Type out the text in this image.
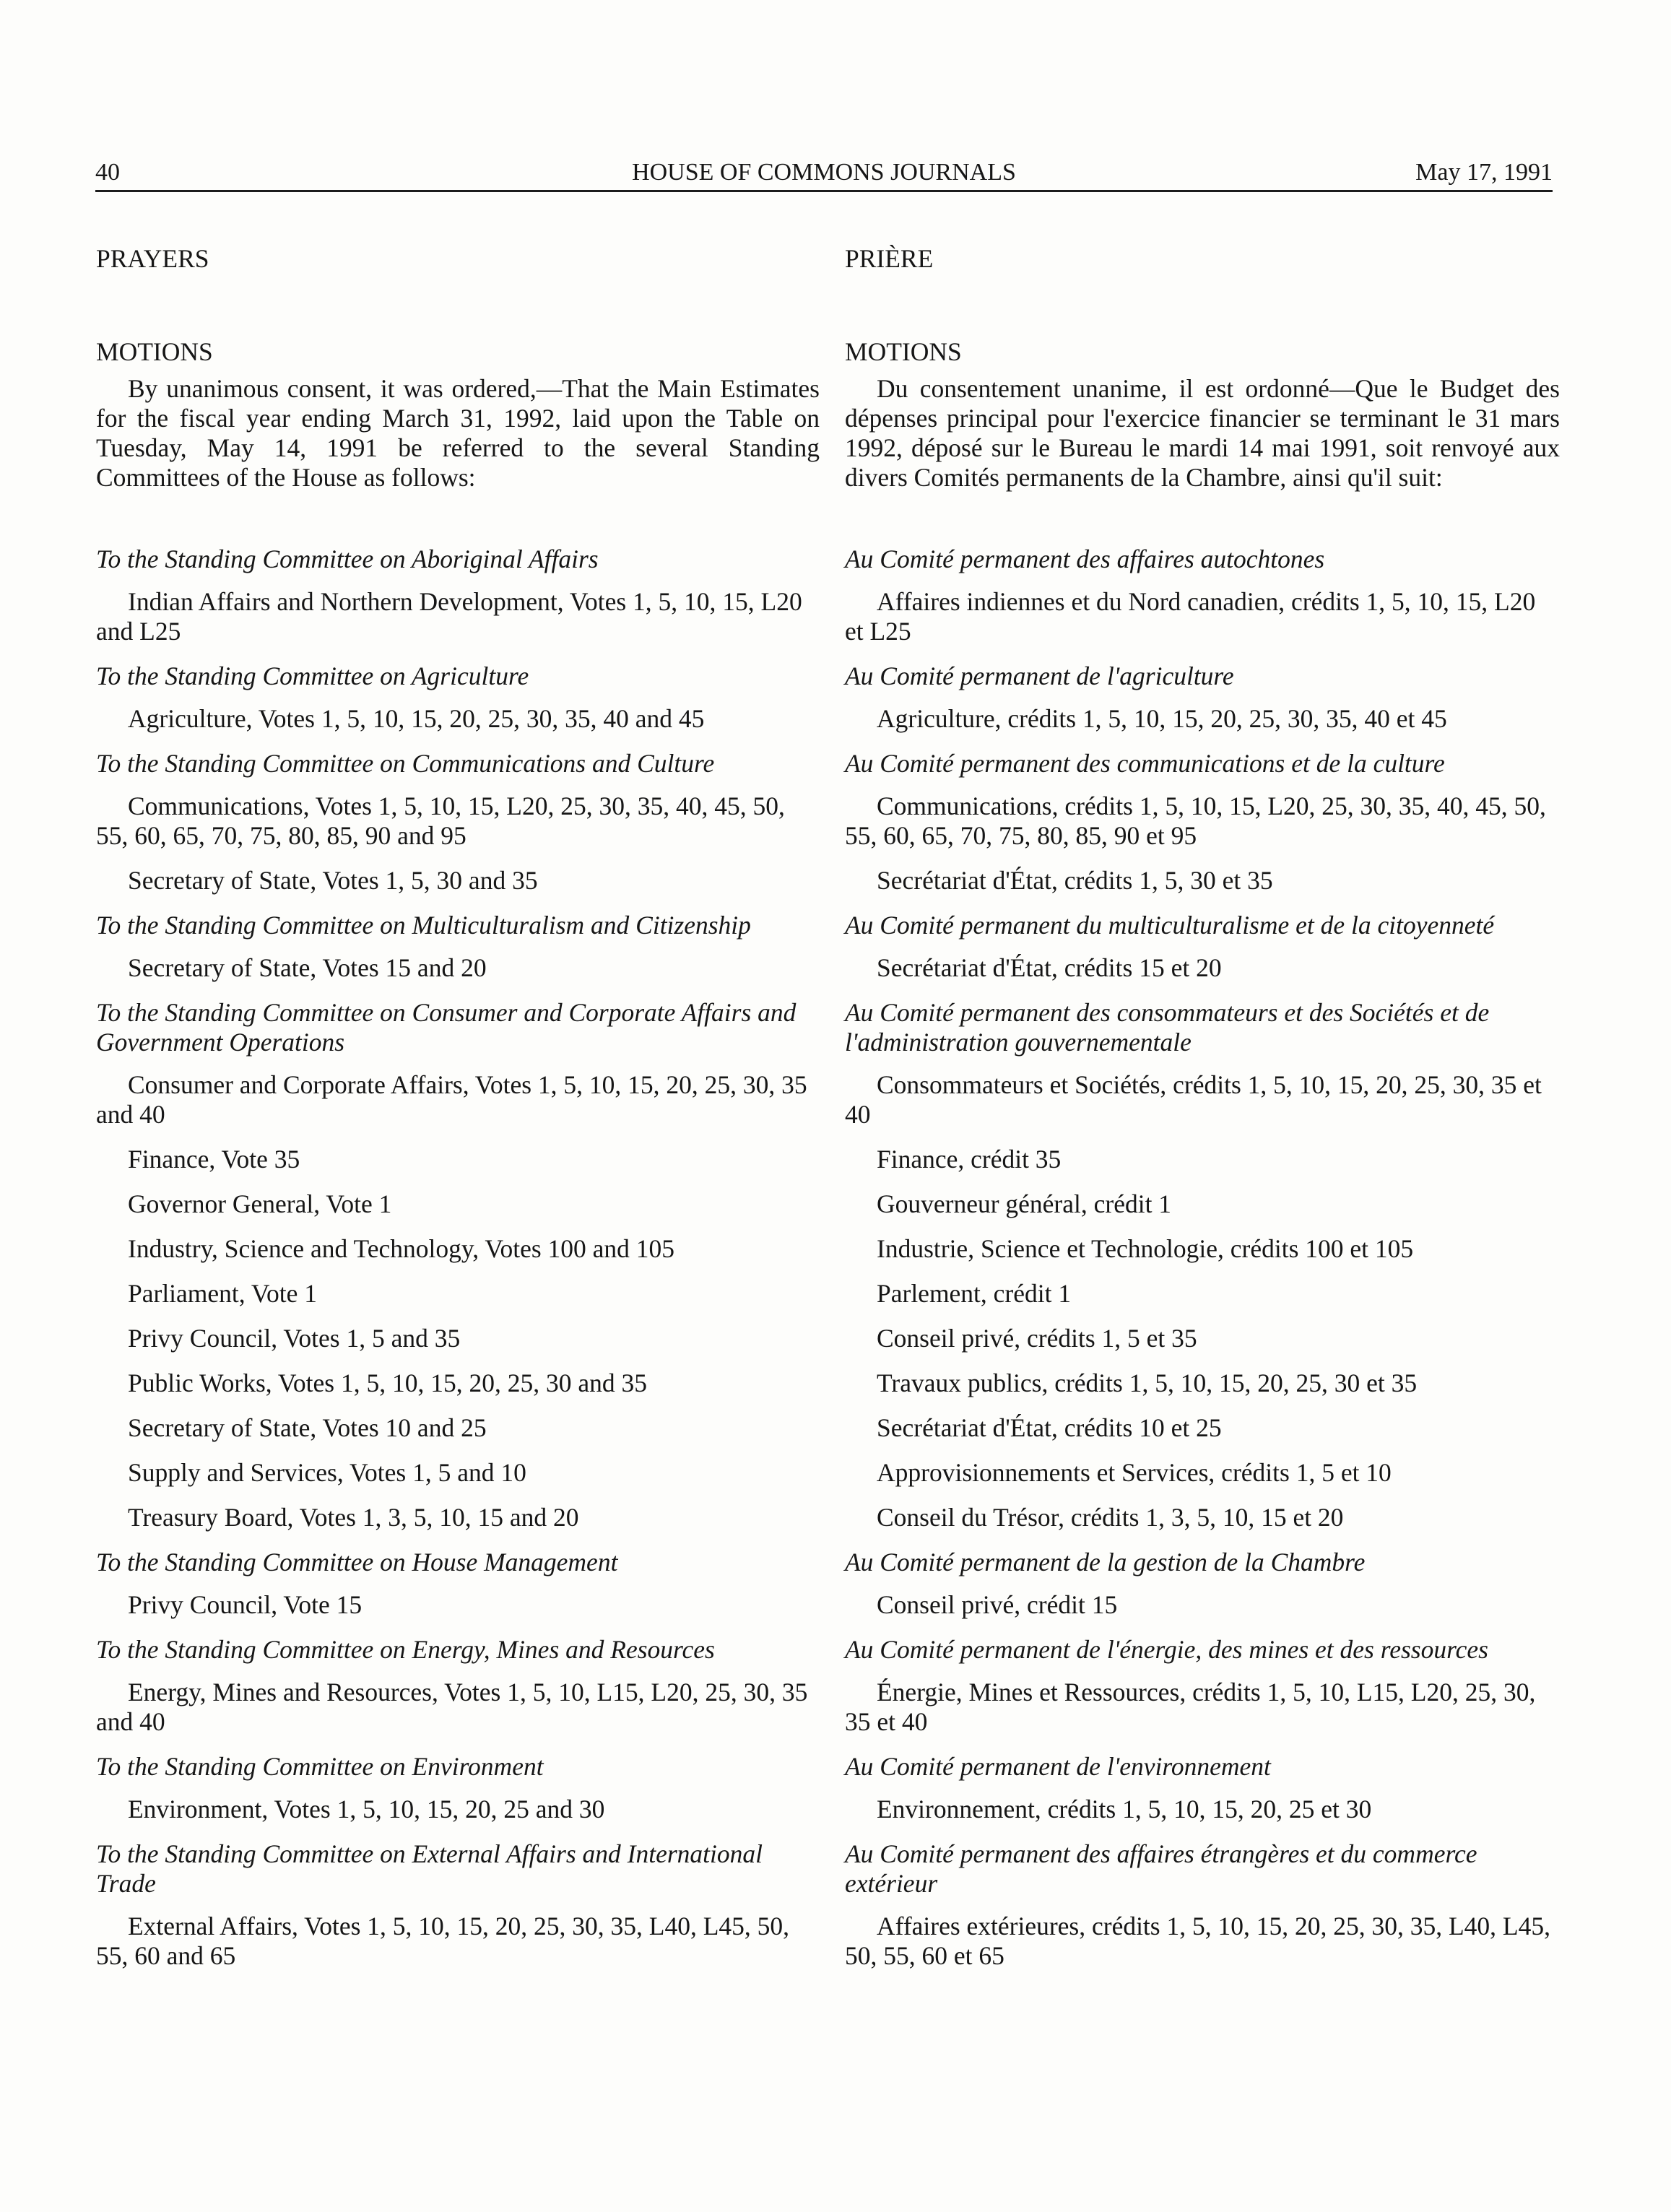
40	HOUSE OF COMMONS JOURNALS	May 17, 1991

PRAYERS

MOTIONS

By unanimous consent, it was ordered,—That the Main Estimates for the fiscal year ending March 31, 1992, laid upon the Table on Tuesday, May 14, 1991 be referred to the several Standing Committees of the House as follows:

To the Standing Committee on Aboriginal Affairs

Indian Affairs and Northern Development, Votes 1, 5, 10, 15, L20 and L25

To the Standing Committee on Agriculture

Agriculture, Votes 1, 5, 10, 15, 20, 25, 30, 35, 40 and 45

To the Standing Committee on Communications and Culture

Communications, Votes 1, 5, 10, 15, L20, 25, 30, 35, 40, 45, 50, 55, 60, 65, 70, 75, 80, 85, 90 and 95

Secretary of State, Votes 1, 5, 30 and 35

To the Standing Committee on Multiculturalism and Citizenship

Secretary of State, Votes 15 and 20

To the Standing Committee on Consumer and Corporate Affairs and Government Operations

Consumer and Corporate Affairs, Votes 1, 5, 10, 15, 20, 25, 30, 35 and 40

Finance, Vote 35

Governor General, Vote 1

Industry, Science and Technology, Votes 100 and 105

Parliament, Vote 1

Privy Council, Votes 1, 5 and 35

Public Works, Votes 1, 5, 10, 15, 20, 25, 30 and 35

Secretary of State, Votes 10 and 25

Supply and Services, Votes 1, 5 and 10

Treasury Board, Votes 1, 3, 5, 10, 15 and 20

To the Standing Committee on House Management

Privy Council, Vote 15

To the Standing Committee on Energy, Mines and Resources

Energy, Mines and Resources, Votes 1, 5, 10, L15, L20, 25, 30, 35 and 40

To the Standing Committee on Environment

Environment, Votes 1, 5, 10, 15, 20, 25 and 30

To the Standing Committee on External Affairs and International Trade

External Affairs, Votes 1, 5, 10, 15, 20, 25, 30, 35, L40, L45, 50, 55, 60 and 65

PRIÈRE

MOTIONS

Du consentement unanime, il est ordonné—Que le Budget des dépenses principal pour l'exercice financier se terminant le 31 mars 1992, déposé sur le Bureau le mardi 14 mai 1991, soit renvoyé aux divers Comités permanents de la Chambre, ainsi qu'il suit:

Au Comité permanent des affaires autochtones

Affaires indiennes et du Nord canadien, crédits 1, 5, 10, 15, L20 et L25

Au Comité permanent de l'agriculture

Agriculture, crédits 1, 5, 10, 15, 20, 25, 30, 35, 40 et 45

Au Comité permanent des communications et de la culture

Communications, crédits 1, 5, 10, 15, L20, 25, 30, 35, 40, 45, 50, 55, 60, 65, 70, 75, 80, 85, 90 et 95

Secrétariat d'État, crédits 1, 5, 30 et 35

Au Comité permanent du multiculturalisme et de la citoyenneté

Secrétariat d'État, crédits 15 et 20

Au Comité permanent des consommateurs et des Sociétés et de l'administration gouvernementale

Consommateurs et Sociétés, crédits 1, 5, 10, 15, 20, 25, 30, 35 et 40

Finance, crédit 35

Gouverneur général, crédit 1

Industrie, Science et Technologie, crédits 100 et 105

Parlement, crédit 1

Conseil privé, crédits 1, 5 et 35

Travaux publics, crédits 1, 5, 10, 15, 20, 25, 30 et 35

Secrétariat d'État, crédits 10 et 25

Approvisionnements et Services, crédits 1, 5 et 10

Conseil du Trésor, crédits 1, 3, 5, 10, 15 et 20

Au Comité permanent de la gestion de la Chambre

Conseil privé, crédit 15

Au Comité permanent de l'énergie, des mines et des ressources

Énergie, Mines et Ressources, crédits 1, 5, 10, L15, L20, 25, 30, 35 et 40

Au Comité permanent de l'environnement

Environnement, crédits 1, 5, 10, 15, 20, 25 et 30

Au Comité permanent des affaires étrangères et du commerce extérieur

Affaires extérieures, crédits 1, 5, 10, 15, 20, 25, 30, 35, L40, L45, 50, 55, 60 et 65
